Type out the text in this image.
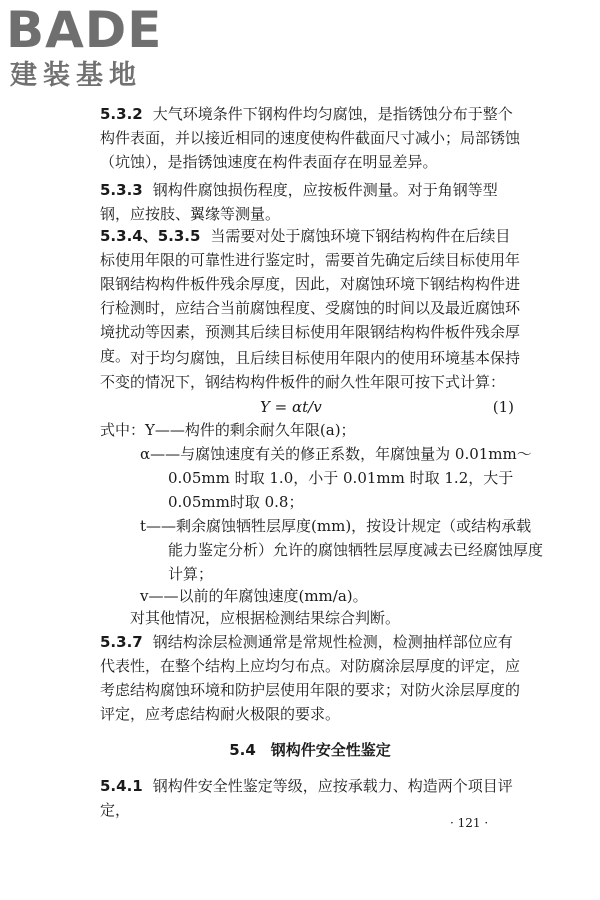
BADE
建装基地
5.3.2 大气环境条件下钢构件均匀腐蚀，是指锈蚀分布于整个构件表面，并以接近相同的速度使构件截面尺寸减小；局部锈蚀（坑蚀），是指锈蚀速度在构件表面存在明显差异。
5.3.3 钢构件腐蚀损伤程度，应按板件测量。对于角钢等型钢，应按肢、翼缘等测量。
5.3.4、5.3.5 当需要对处于腐蚀环境下钢结构构件在后续目标使用年限的可靠性进行鉴定时，需要首先确定后续目标使用年限钢结构构件板件残余厚度，因此，对腐蚀环境下钢结构构件进行检测时，应结合当前腐蚀程度、受腐蚀的时间以及最近腐蚀环境扰动等因素，预测其后续目标使用年限钢结构构件板件残余厚度。 对于均匀腐蚀，且后续目标使用年限内的使用环境基本保持不变的情况下，钢结构构件板件的耐久性年限可按下式计算：
Y = αt/v	(1)
式中：Y——构件的剩余耐久年限(a)；
α——与腐蚀速度有关的修正系数，年腐蚀量为 0.01mm～0.05mm 时取 1.0，小于 0.01mm 时取 1.2，大于 0.05mm时取 0.8；
t——剩余腐蚀牺牲层厚度(mm)，按设计规定（或结构承载能力鉴定分析）允许的腐蚀牺牲层厚度减去已经腐蚀厚度计算；
v——以前的年腐蚀速度(mm/a)。
对其他情况，应根据检测结果综合判断。
5.3.7 钢结构涂层检测通常是常规性检测，检测抽样部位应有代表性，在整个结构上应均匀布点。对防腐涂层厚度的评定，应考虑结构腐蚀环境和防护层使用年限的要求；对防火涂层厚度的评定，应考虑结构耐火极限的要求。
5.4　钢构件安全性鉴定
5.4.1 钢构件安全性鉴定等级，应按承载力、构造两个项目评定，
· 121 ·
